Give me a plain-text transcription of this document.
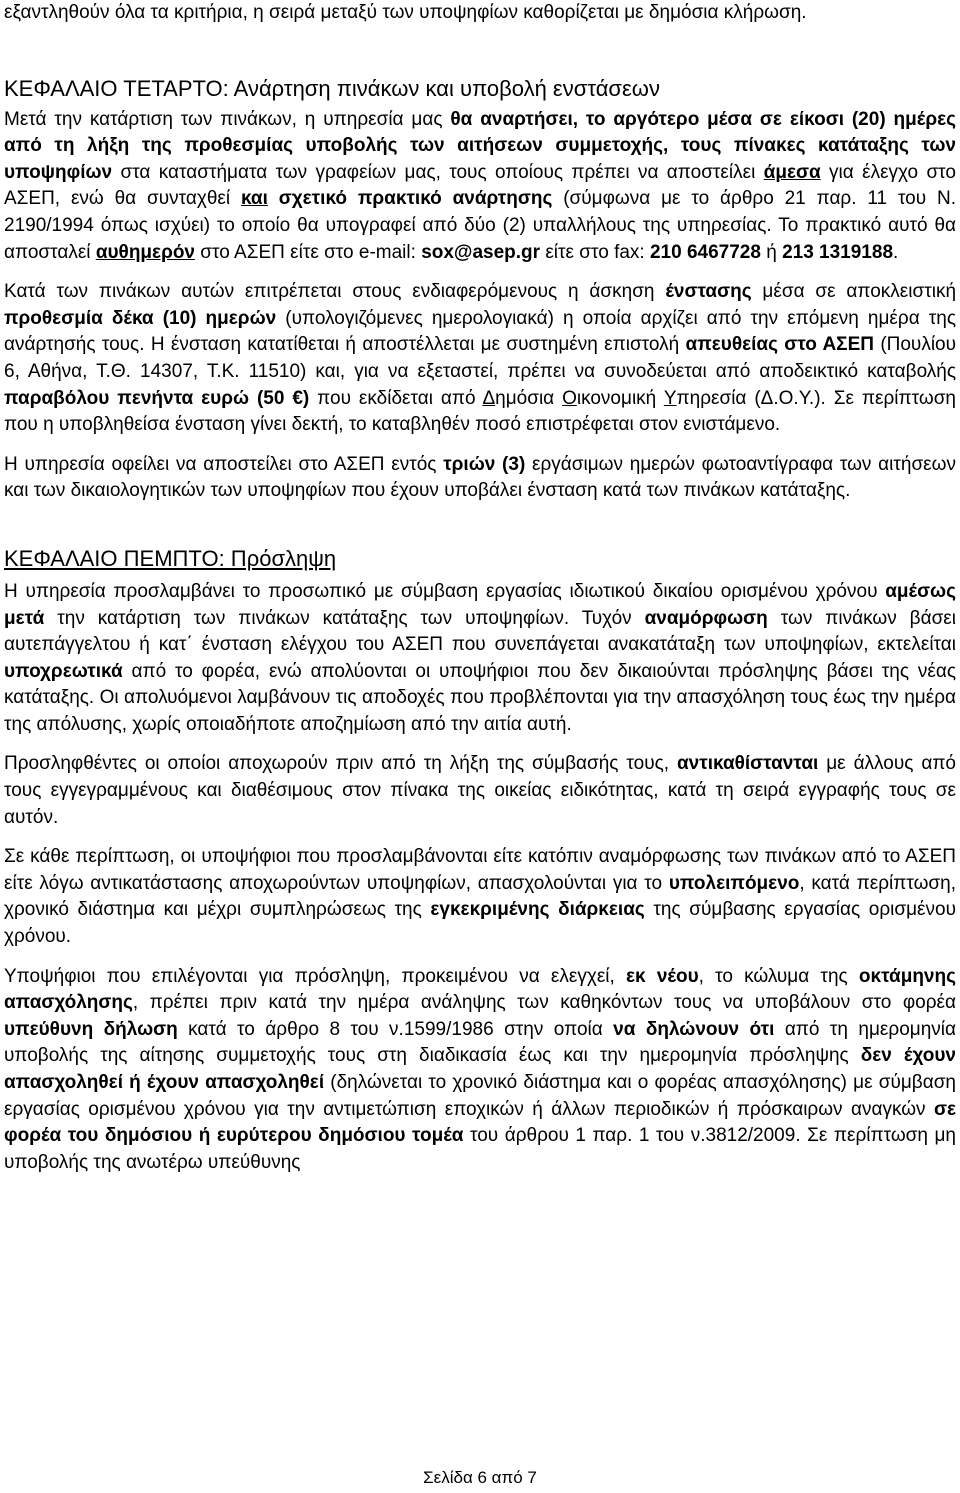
εξαντληθούν όλα τα κριτήρια, η σειρά μεταξύ των υποψηφίων καθορίζεται με δημόσια κλήρωση.

ΚΕΦΑΛΑΙΟ ΤΕΤΑΡΤΟ: Ανάρτηση πινάκων και υποβολή ενστάσεων

Μετά την κατάρτιση των πινάκων, η υπηρεσία μας θα αναρτήσει, το αργότερο μέσα σε είκοσι (20) ημέρες από τη λήξη της προθεσμίας υποβολής των αιτήσεων συμμετοχής, τους πίνακες κατάταξης των υποψηφίων στα καταστήματα των γραφείων μας, τους οποίους πρέπει να αποστείλει άμεσα για έλεγχο στο ΑΣΕΠ, ενώ θα συνταχθεί και σχετικό πρακτικό ανάρτησης (σύμφωνα με το άρθρο 21 παρ. 11 του Ν. 2190/1994 όπως ισχύει) το οποίο θα υπογραφεί από δύο (2) υπαλλήλους της υπηρεσίας. Το πρακτικό αυτό θα αποσταλεί αυθημερόν στο ΑΣΕΠ είτε στο e-mail: sox@asep.gr είτε στο fax: 210 6467728 ή 213 1319188.

Κατά των πινάκων αυτών επιτρέπεται στους ενδιαφερόμενους η άσκηση ένστασης μέσα σε αποκλειστική προθεσμία δέκα (10) ημερών (υπολογιζόμενες ημερολογιακά) η οποία αρχίζει από την επόμενη ημέρα της ανάρτησής τους. Η ένσταση κατατίθεται ή αποστέλλεται με συστημένη επιστολή απευθείας στο ΑΣΕΠ (Πουλίου 6, Αθήνα, Τ.Θ. 14307, Τ.Κ. 11510) και, για να εξεταστεί, πρέπει να συνοδεύεται από αποδεικτικό καταβολής παραβόλου πενήντα ευρώ (50 €) που εκδίδεται από Δημόσια Οικονομική Υπηρεσία (Δ.Ο.Υ.). Σε περίπτωση που η υποβληθείσα ένσταση γίνει δεκτή, το καταβληθέν ποσό επιστρέφεται στον ενιστάμενο.

Η υπηρεσία οφείλει να αποστείλει στο ΑΣΕΠ εντός τριών (3) εργάσιμων ημερών φωτοαντίγραφα των αιτήσεων και των δικαιολογητικών των υποψηφίων που έχουν υποβάλει ένσταση κατά των πινάκων κατάταξης.

ΚΕΦΑΛΑΙΟ ΠΕΜΠΤΟ: Πρόσληψη

Η υπηρεσία προσλαμβάνει το προσωπικό με σύμβαση εργασίας ιδιωτικού δικαίου ορισμένου χρόνου αμέσως μετά την κατάρτιση των πινάκων κατάταξης των υποψηφίων. Τυχόν αναμόρφωση των πινάκων βάσει αυτεπάγγελτου ή κατ΄ ένσταση ελέγχου του ΑΣΕΠ που συνεπάγεται ανακατάταξη των υποψηφίων, εκτελείται υποχρεωτικά από το φορέα, ενώ απολύονται οι υποψήφιοι που δεν δικαιούνται πρόσληψης βάσει της νέας κατάταξης. Οι απολυόμενοι λαμβάνουν τις αποδοχές που προβλέπονται για την απασχόληση τους έως την ημέρα της απόλυσης, χωρίς οποιαδήποτε αποζημίωση από την αιτία αυτή.

Προσληφθέντες οι οποίοι αποχωρούν πριν από τη λήξη της σύμβασής τους, αντικαθίστανται με άλλους από τους εγγεγραμμένους και διαθέσιμους στον πίνακα της οικείας ειδικότητας, κατά τη σειρά εγγραφής τους σε αυτόν.

Σε κάθε περίπτωση, οι υποψήφιοι που προσλαμβάνονται είτε κατόπιν αναμόρφωσης των πινάκων από το ΑΣΕΠ είτε λόγω αντικατάστασης αποχωρούντων υποψηφίων, απασχολούνται για το υπολειπόμενο, κατά περίπτωση, χρονικό διάστημα και μέχρι συμπληρώσεως της εγκεκριμένης διάρκειας της σύμβασης εργασίας ορισμένου χρόνου.

Υποψήφιοι που επιλέγονται για πρόσληψη, προκειμένου να ελεγχεί, εκ νέου, το κώλυμα της οκτάμηνης απασχόλησης, πρέπει πριν κατά την ημέρα ανάληψης των καθηκόντων τους να υποβάλουν στο φορέα υπεύθυνη δήλωση κατά το άρθρο 8 του ν.1599/1986 στην οποία να δηλώνουν ότι από τη ημερομηνία υποβολής της αίτησης συμμετοχής τους στη διαδικασία έως και την ημερομηνία πρόσληψης δεν έχουν απασχοληθεί ή έχουν απασχοληθεί (δηλώνεται το χρονικό διάστημα και ο φορέας απασχόλησης) με σύμβαση εργασίας ορισμένου χρόνου για την αντιμετώπιση εποχικών ή άλλων περιοδικών ή πρόσκαιρων αναγκών σε φορέα του δημόσιου ή ευρύτερου δημόσιου τομέα του άρθρου 1 παρ. 1 του ν.3812/2009. Σε περίπτωση μη υποβολής της ανωτέρω υπεύθυνης

Σελίδα 6 από 7
